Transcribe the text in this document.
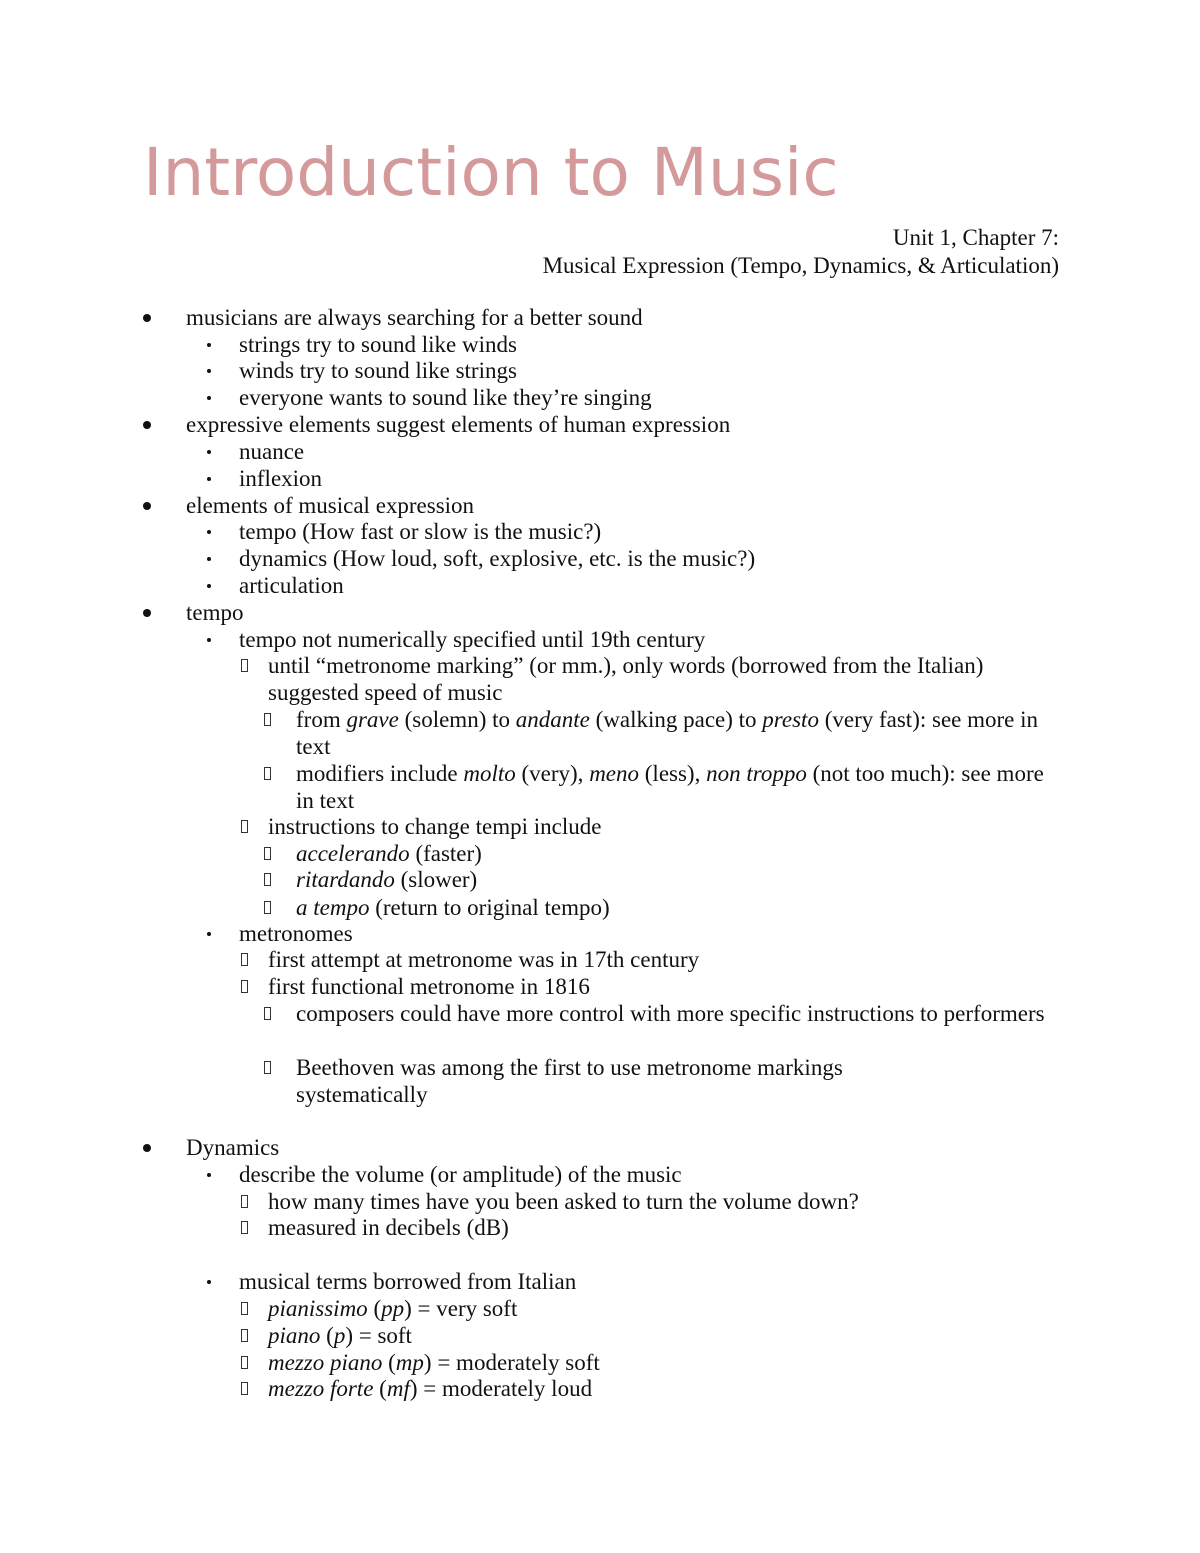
Introduction to Music
Unit 1, Chapter 7:
Musical Expression (Tempo, Dynamics, & Articulation)
musicians are always searching for a better sound
strings try to sound like winds
winds try to sound like strings
everyone wants to sound like they’re singing
expressive elements suggest elements of human expression
nuance
inflexion
elements of musical expression
tempo (How fast or slow is the music?)
dynamics (How loud, soft, explosive, etc. is the music?)
articulation
tempo
tempo not numerically specified until 19th century
until “metronome marking” (or mm.), only words (borrowed from the Italian) suggested speed of music
from grave (solemn) to andante (walking pace) to presto (very fast): see more in text
modifiers include molto (very), meno (less), non troppo (not too much): see more in text
instructions to change tempi include
accelerando (faster)
ritardando (slower)
a tempo (return to original tempo)
metronomes
first attempt at metronome was in 17th century
first functional metronome in 1816
composers could have more control with more specific instructions to performers
Beethoven was among the first to use metronome markings systematically
Dynamics
describe the volume (or amplitude) of the music
how many times have you been asked to turn the volume down?
measured in decibels (dB)
musical terms borrowed from Italian
pianissimo (pp) = very soft
piano (p) = soft
mezzo piano (mp) = moderately soft
mezzo forte (mf) = moderately loud
